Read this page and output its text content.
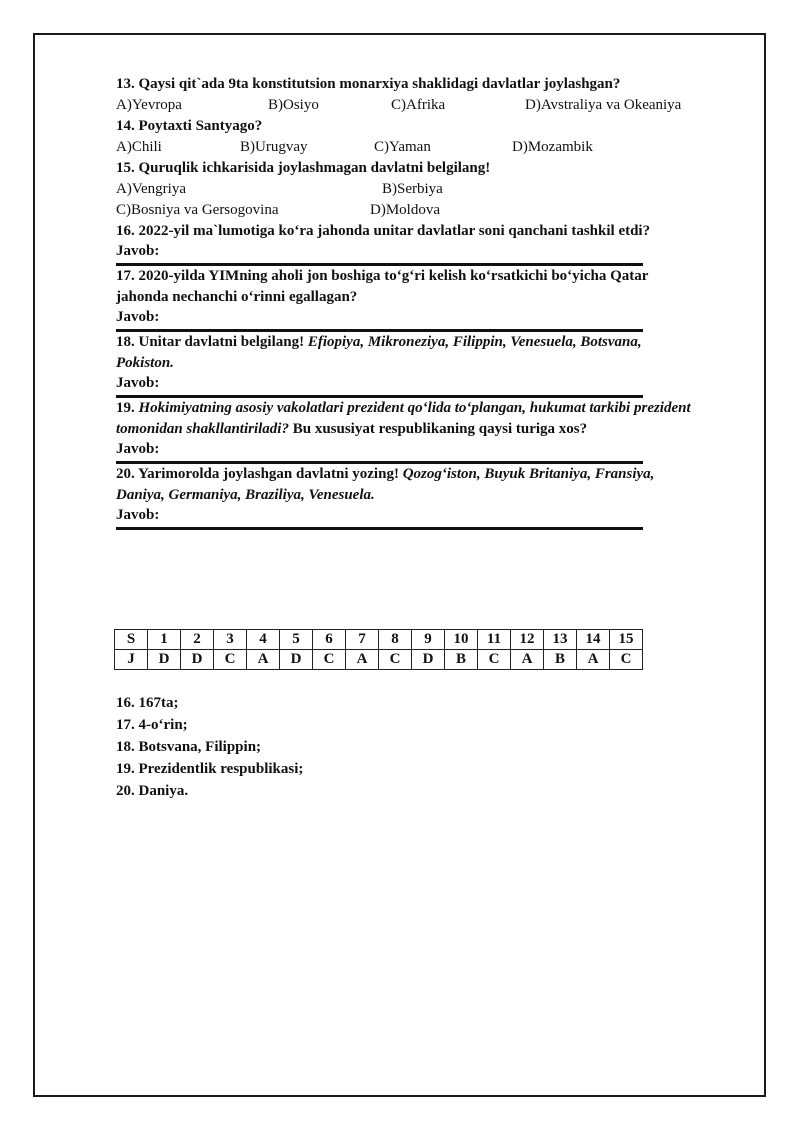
13. Qaysi qit`ada 9ta konstitutsion monarxiya shaklidagi davlatlar joylashgan?

A)Yevropa	B)Osiyo	C)Afrika	D)Avstraliya va Okeaniya

14. Poytaxti Santyago?

A)Chili	B)Urugvay	C)Yaman	D)Mozambik

15. Quruqlik ichkarisida joylashmagan davlatni belgilang!

A)Vengriya	B)Serbiya
C)Bosniya va Gersogovina	D)Moldova

16. 2022-yil ma`lumotiga ko‘ra jahonda unitar davlatlar soni qanchani tashkil etdi?

Javob:

17. 2020-yilda YIMning aholi jon boshiga to‘g‘ri kelish ko‘rsatkichi bo‘yicha Qatar

jahonda nechanchi o‘rinni egallagan?

Javob:

18. Unitar davlatni belgilang! Efiopiya, Mikroneziya, Filippin, Venesuela, Botsvana,

Pokiston.

Javob:

19. Hokimiyatning asosiy vakolatlari prezident qo‘lida to‘plangan, hukumat tarkibi prezident

tomonidan shakllantiriladi? Bu xususiyat respublikaning qaysi turiga xos?

Javob:

20. Yarimorolda joylashgan davlatni yozing! Qozog‘iston, Buyuk Britaniya, Fransiya,

Daniya, Germaniya, Braziliya, Venesuela.

Javob:

S	1	2	3	4	5	6	7	8	9	10	11	12	13	14	15
J	D	D	C	A	D	C	A	C	D	B	C	A	B	A	C
16. 167ta;
17. 4-o‘rin;
18. Botsvana, Filippin;
19. Prezidentlik respublikasi;
20. Daniya.
